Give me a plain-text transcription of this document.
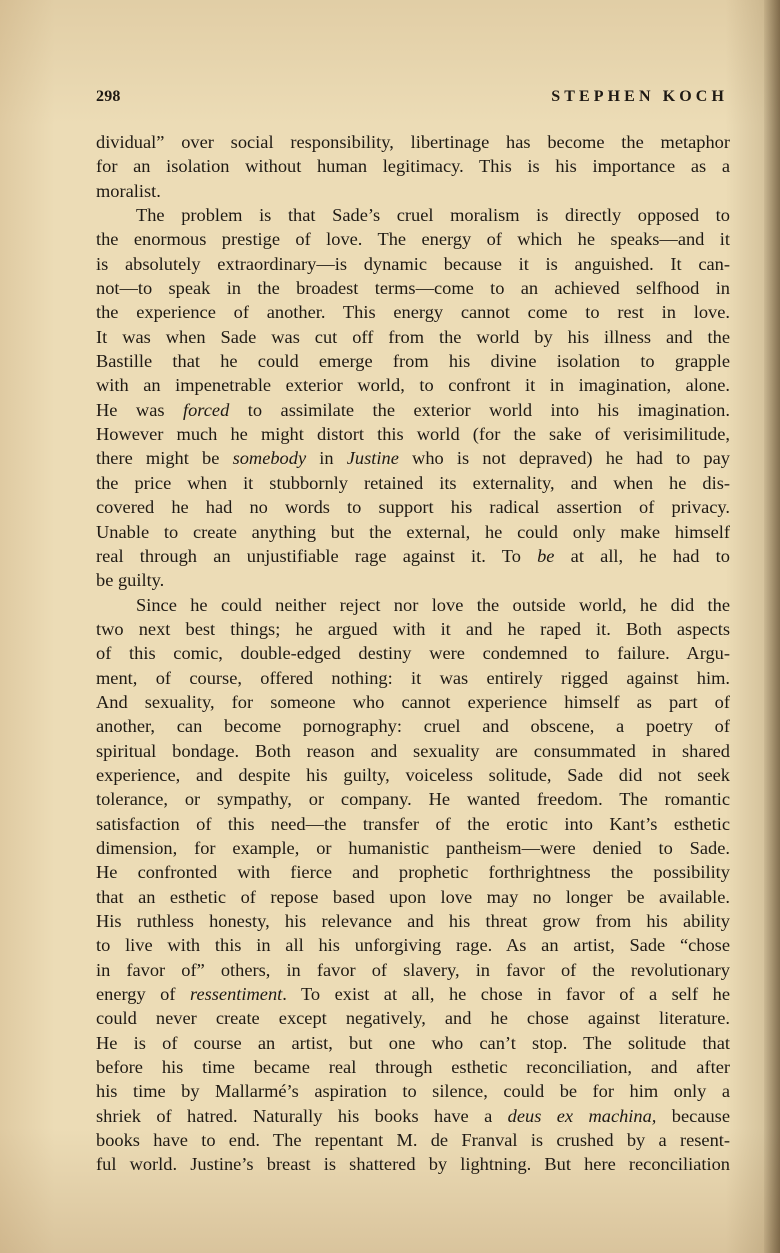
298	STEPHEN KOCH
dividual” over social responsibility, libertinage has become the metaphor
for an isolation without human legitimacy. This is his importance as a
moralist.
The problem is that Sade’s cruel moralism is directly opposed to
the enormous prestige of love. The energy of which he speaks—and it
is absolutely extraordinary—is dynamic because it is anguished. It can-
not—to speak in the broadest terms—come to an achieved selfhood in
the experience of another. This energy cannot come to rest in love.
It was when Sade was cut off from the world by his illness and the
Bastille that he could emerge from his divine isolation to grapple
with an impenetrable exterior world, to confront it in imagination, alone.
He was forced to assimilate the exterior world into his imagination.
However much he might distort this world (for the sake of verisimilitude,
there might be somebody in Justine who is not depraved) he had to pay
the price when it stubbornly retained its externality, and when he dis-
covered he had no words to support his radical assertion of privacy.
Unable to create anything but the external, he could only make himself
real through an unjustifiable rage against it. To be at all, he had to
be guilty.
Since he could neither reject nor love the outside world, he did the
two next best things; he argued with it and he raped it. Both aspects
of this comic, double-edged destiny were condemned to failure. Argu-
ment, of course, offered nothing: it was entirely rigged against him.
And sexuality, for someone who cannot experience himself as part of
another, can become pornography: cruel and obscene, a poetry of
spiritual bondage. Both reason and sexuality are consummated in shared
experience, and despite his guilty, voiceless solitude, Sade did not seek
tolerance, or sympathy, or company. He wanted freedom. The romantic
satisfaction of this need—the transfer of the erotic into Kant’s esthetic
dimension, for example, or humanistic pantheism—were denied to Sade.
He confronted with fierce and prophetic forthrightness the possibility
that an esthetic of repose based upon love may no longer be available.
His ruthless honesty, his relevance and his threat grow from his ability
to live with this in all his unforgiving rage. As an artist, Sade “chose
in favor of” others, in favor of slavery, in favor of the revolutionary
energy of ressentiment. To exist at all, he chose in favor of a self he
could never create except negatively, and he chose against literature.
He is of course an artist, but one who can’t stop. The solitude that
before his time became real through esthetic reconciliation, and after
his time by Mallarmé’s aspiration to silence, could be for him only a
shriek of hatred. Naturally his books have a deus ex machina, because
books have to end. The repentant M. de Franval is crushed by a resent-
ful world. Justine’s breast is shattered by lightning. But here reconciliation
